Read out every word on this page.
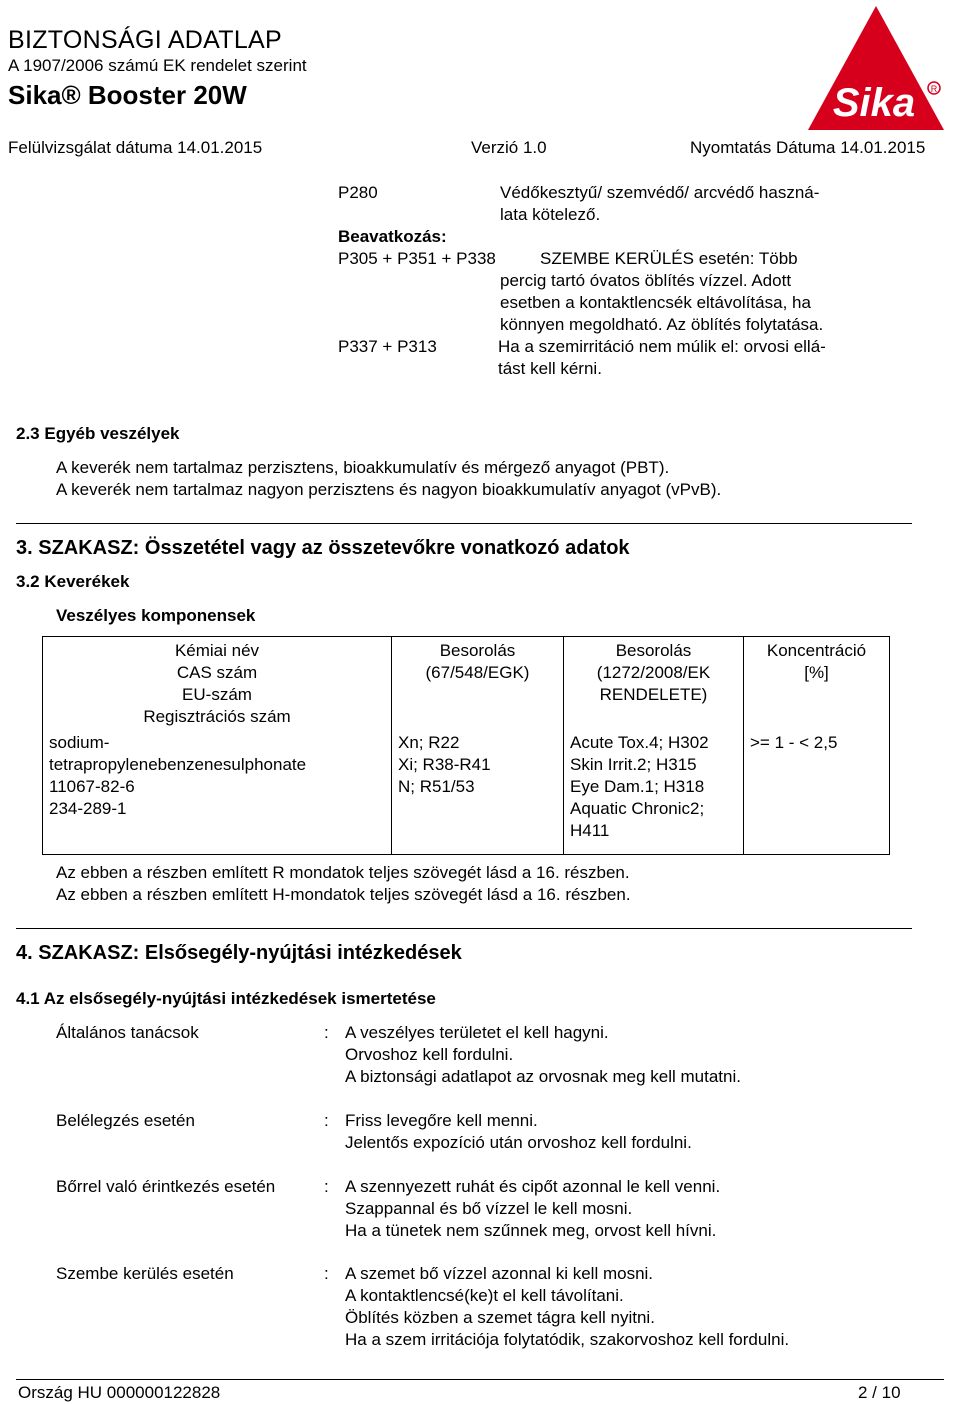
BIZTONSÁGI ADATLAP
A 1907/2006 számú EK rendelet szerint
Sika® Booster 20W
Felülvizsgálat dátuma 14.01.2015	Verzió 1.0	Nyomtatás Dátuma 14.01.2015
Sika R
P280	Védőkesztyű/ szemvédő/ arcvédő haszná-
lata kötelező.
Beavatkozás:
P305 + P351 + P338	SZEMBE KERÜLÉS esetén: Több
percig tartó óvatos öblítés vízzel. Adott
esetben a kontaktlencsék eltávolítása, ha
könnyen megoldható. Az öblítés folytatása.
P337 + P313	Ha a szemirritáció nem múlik el: orvosi ellá-
tást kell kérni.
2.3 Egyéb veszélyek
A keverék nem tartalmaz perzisztens, bioakkumulatív és mérgező anyagot (PBT).
A keverék nem tartalmaz nagyon perzisztens és nagyon bioakkumulatív anyagot (vPvB).
3. SZAKASZ: Összetétel vagy az összetevőkre vonatkozó adatok
3.2 Keverékek
Veszélyes komponensek
Kémiai név
CAS szám
EU-szám
Regisztrációs szám	Besorolás
(67/548/EGK)	Besorolás
(1272/2008/EK
RENDELETE)	Koncentráció
[%]

sodium-
tetrapropylenebenzenesulphonate
11067-82-6
234-289-1	Xn; R22
Xi; R38-R41
N; R51/53	Acute Tox.4; H302
Skin Irrit.2; H315
Eye Dam.1; H318
Aquatic Chronic2;
H411	>= 1 - < 2,5
Az ebben a részben említett R mondatok teljes szövegét lásd a 16. részben.
Az ebben a részben említett H-mondatok teljes szövegét lásd a 16. részben.
4. SZAKASZ: Elsősegély-nyújtási intézkedések
4.1 Az elsősegély-nyújtási intézkedések ismertetése
Általános tanácsok	: A veszélyes területet el kell hagyni.
Orvoshoz kell fordulni.
A biztonsági adatlapot az orvosnak meg kell mutatni.
Belélegzés esetén	: Friss levegőre kell menni.
Jelentős expozíció után orvoshoz kell fordulni.
Bőrrel való érintkezés esetén	: A szennyezett ruhát és cipőt azonnal le kell venni.
Szappannal és bő vízzel le kell mosni.
Ha a tünetek nem szűnnek meg, orvost kell hívni.
Szembe kerülés esetén	: A szemet bő vízzel azonnal ki kell mosni.
A kontaktlencsé(ke)t el kell távolítani.
Öblítés közben a szemet tágra kell nyitni.
Ha a szem irritációja folytatódik, szakorvoshoz kell fordulni.
Ország HU 000000122828	2 / 10
